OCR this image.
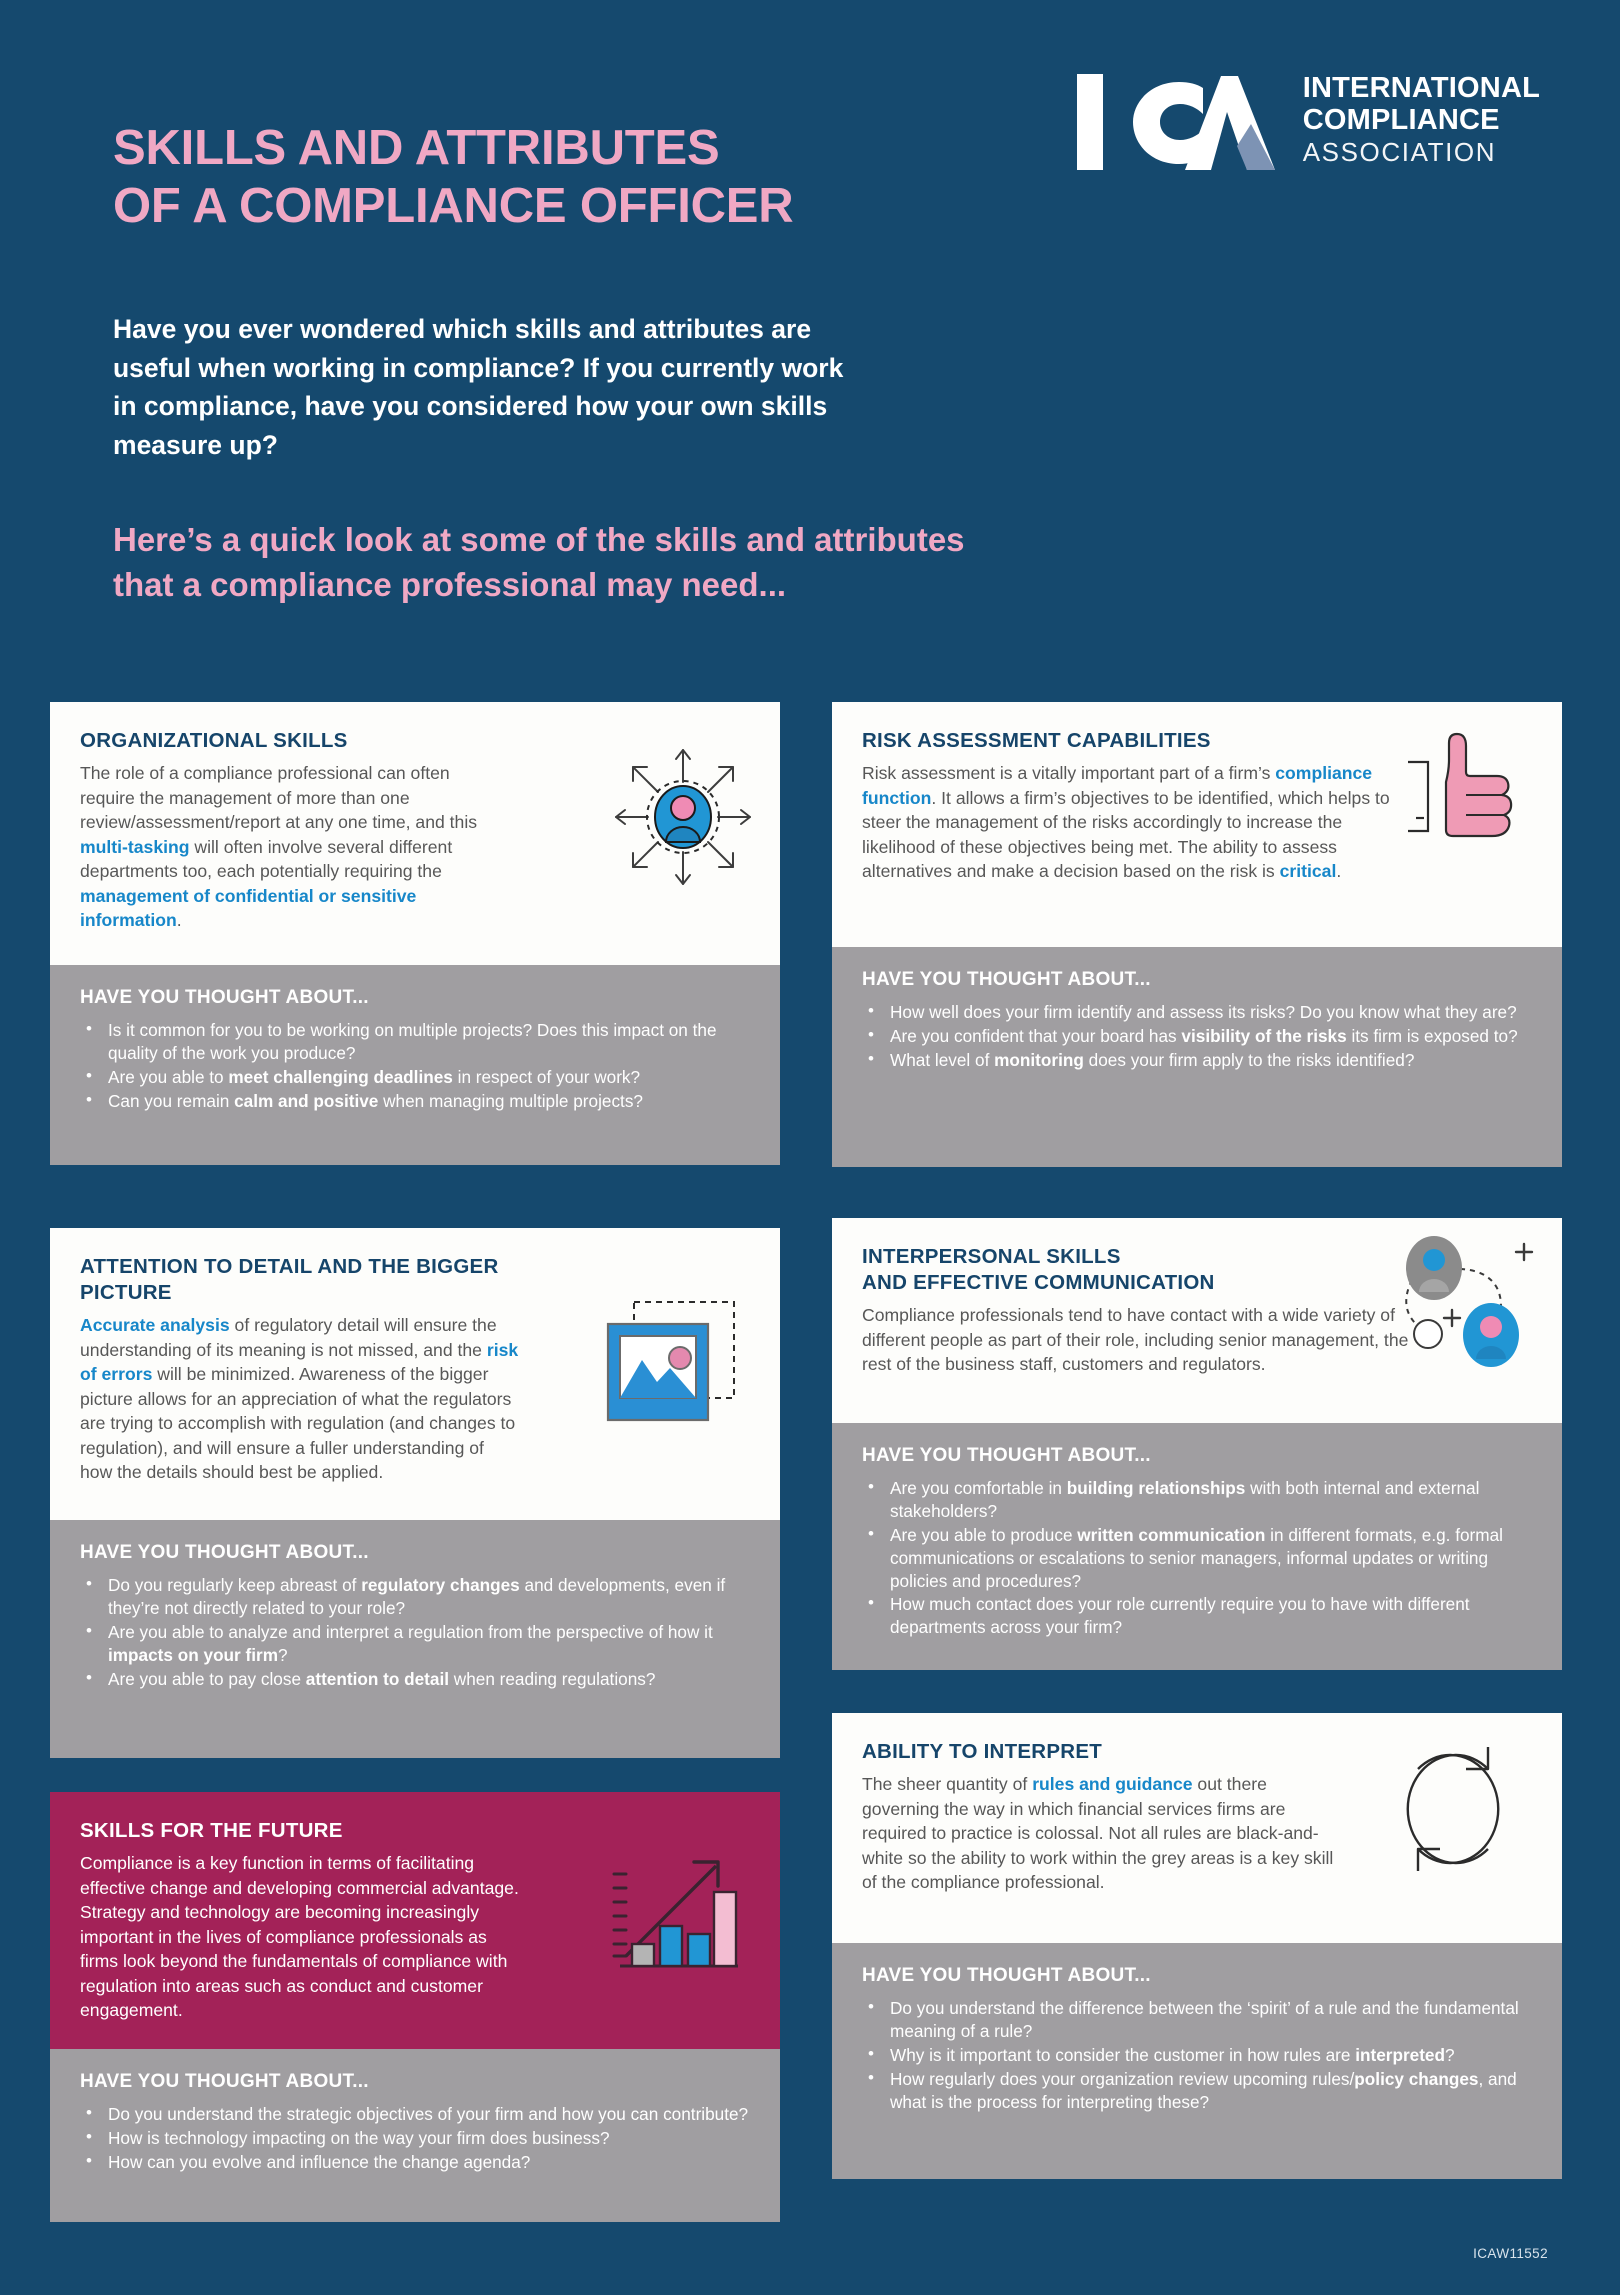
SKILLS AND ATTRIBUTES
OF A COMPLIANCE OFFICER
INTERNATIONAL
COMPLIANCE
ASSOCIATION
Have you ever wondered which skills and attributes are
useful when working in compliance? If you currently work
in compliance, have you considered how your own skills
measure up?
Here’s a quick look at some of the skills and attributes
that a compliance professional may need...
ORGANIZATIONAL SKILLS
The role of a compliance professional can often require the management of more than one review/assessment/report at any one time, and this multi-tasking will often involve several different departments too, each potentially requiring the management of confidential or sensitive information.
HAVE YOU THOUGHT ABOUT...
• Is it common for you to be working on multiple projects? Does this impact on the quality of the work you produce?
• Are you able to meet challenging deadlines in respect of your work?
• Can you remain calm and positive when managing multiple projects?
RISK ASSESSMENT CAPABILITIES
Risk assessment is a vitally important part of a firm’s compliance function. It allows a firm’s objectives to be identified, which helps to steer the management of the risks accordingly to increase the likelihood of these objectives being met. The ability to assess alternatives and make a decision based on the risk is critical.
HAVE YOU THOUGHT ABOUT...
• How well does your firm identify and assess its risks? Do you know what they are?
• Are you confident that your board has visibility of the risks its firm is exposed to?
• What level of monitoring does your firm apply to the risks identified?
ATTENTION TO DETAIL AND THE BIGGER PICTURE
Accurate analysis of regulatory detail will ensure the understanding of its meaning is not missed, and the risk of errors will be minimized. Awareness of the bigger picture allows for an appreciation of what the regulators are trying to accomplish with regulation (and changes to regulation), and will ensure a fuller understanding of how the details should best be applied.
HAVE YOU THOUGHT ABOUT...
• Do you regularly keep abreast of regulatory changes and developments, even if they’re not directly related to your role?
• Are you able to analyze and interpret a regulation from the perspective of how it impacts on your firm?
• Are you able to pay close attention to detail when reading regulations?
INTERPERSONAL SKILLS
AND EFFECTIVE COMMUNICATION
Compliance professionals tend to have contact with a wide variety of different people as part of their role, including senior management, the rest of the business staff, customers and regulators.
HAVE YOU THOUGHT ABOUT...
• Are you comfortable in building relationships with both internal and external stakeholders?
• Are you able to produce written communication in different formats, e.g. formal communications or escalations to senior managers, informal updates or writing policies and procedures?
• How much contact does your role currently require you to have with different departments across your firm?
SKILLS FOR THE FUTURE
Compliance is a key function in terms of facilitating effective change and developing commercial advantage. Strategy and technology are becoming increasingly important in the lives of compliance professionals as firms look beyond the fundamentals of compliance with regulation into areas such as conduct and customer engagement.
HAVE YOU THOUGHT ABOUT...
• Do you understand the strategic objectives of your firm and how you can contribute?
• How is technology impacting on the way your firm does business?
• How can you evolve and influence the change agenda?
ABILITY TO INTERPRET
The sheer quantity of rules and guidance out there governing the way in which financial services firms are required to practice is colossal. Not all rules are black-and-white so the ability to work within the grey areas is a key skill of the compliance professional.
HAVE YOU THOUGHT ABOUT...
• Do you understand the difference between the ‘spirit’ of a rule and the fundamental meaning of a rule?
• Why is it important to consider the customer in how rules are interpreted?
• How regularly does your organization review upcoming rules/policy changes, and what is the process for interpreting these?
ICAW11552
